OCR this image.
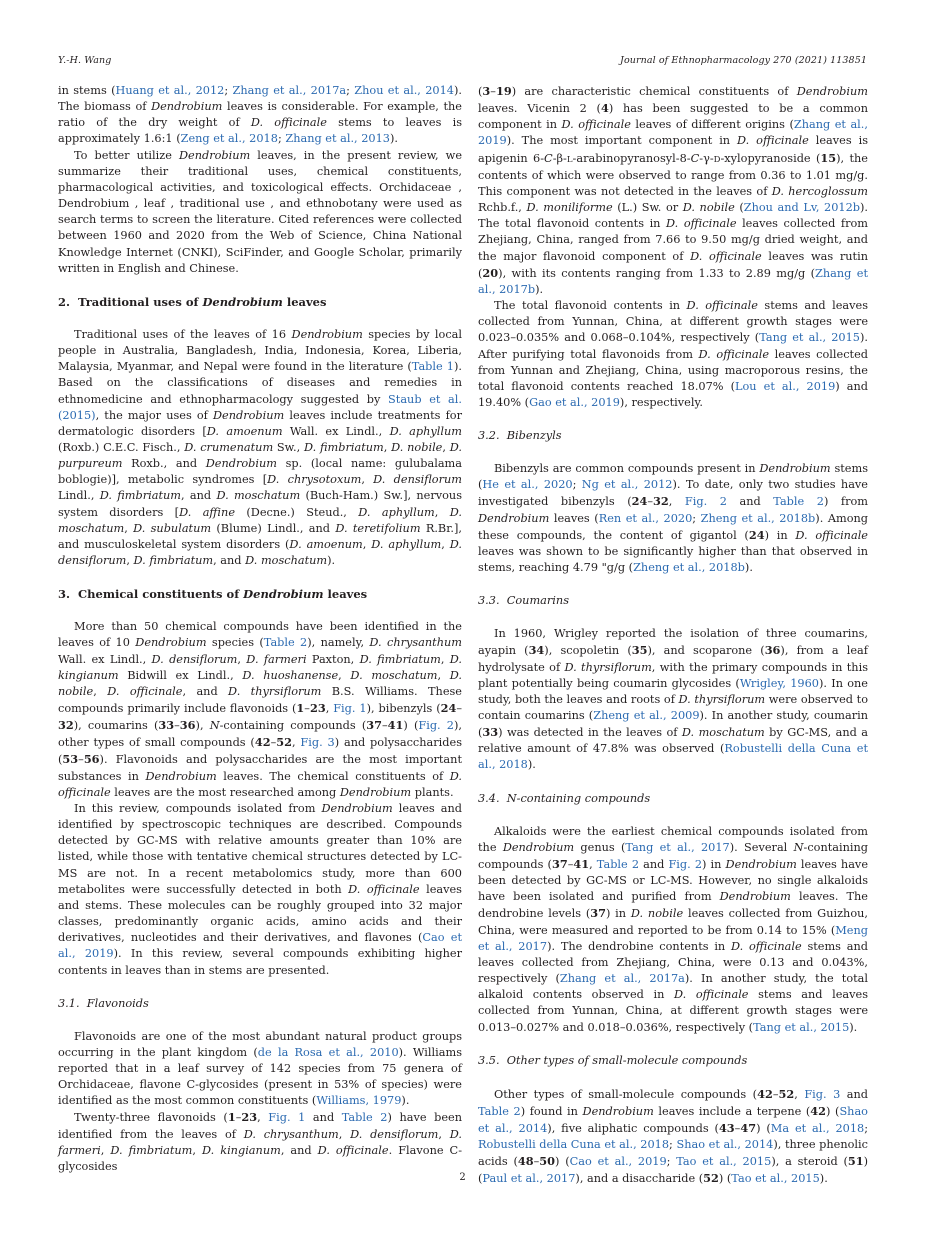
Y.-H. Wang	Journal of Ethnopharmacology 270 (2021) 113851

in stems (Huang et al., 2012; Zhang et al., 2017a; Zhou et al., 2014). The biomass of Dendrobium leaves is considerable. For example, the ratio of the dry weight of D. officinale stems to leaves is approximately 1.6:1 (Zeng et al., 2018; Zhang et al., 2013).

To better utilize Dendrobium leaves, in the present review, we summarize their traditional uses, chemical constituents, pharmacological activities, and toxicological effects. Orchidaceae , Dendrobium , leaf , traditional use , and ethnobotany were used as search terms to screen the literature. Cited references were collected between 1960 and 2020 from the Web of Science, China National Knowledge Internet (CNKI), SciFinder, and Google Scholar, primarily written in English and Chinese.

2.  Traditional uses of Dendrobium leaves

Traditional uses of the leaves of 16 Dendrobium species by local people in Australia, Bangladesh, India, Indonesia, Korea, Liberia, Malaysia, Myanmar, and Nepal were found in the literature (Table 1). Based on the classifications of diseases and remedies in ethnomedicine and ethnopharmacology suggested by Staub et al. (2015), the major uses of Dendrobium leaves include treatments for dermatologic disorders [D. amoenum Wall. ex Lindl., D. aphyllum (Roxb.) C.E.C. Fisch., D. crumenatum Sw., D. fimbriatum, D. nobile, D. purpureum Roxb., and Dendrobium sp. (local name: gulubalama boblogie)], metabolic syndromes [D. chrysotoxum, D. densiflorum Lindl., D. fimbriatum, and D. moschatum (Buch-Ham.) Sw.], nervous system disorders [D. affine (Decne.) Steud., D. aphyllum, D. moschatum, D. subulatum (Blume) Lindl., and D. teretifolium R.Br.], and musculoskeletal system disorders (D. amoenum, D. aphyllum, D. densiflorum, D. fimbriatum, and D. moschatum).

3.  Chemical constituents of Dendrobium leaves

More than 50 chemical compounds have been identified in the leaves of 10 Dendrobium species (Table 2), namely, D. chrysanthum Wall. ex Lindl., D. densiflorum, D. farmeri Paxton, D. fimbriatum, D. kingianum Bidwill ex Lindl., D. huoshanense, D. moschatum, D. nobile, D. officinale, and D. thyrsiflorum B.S. Williams. These compounds primarily include flavonoids (1–23, Fig. 1), bibenzyls (24–32), coumarins (33–36), N-containing compounds (37–41) (Fig. 2), other types of small compounds (42–52, Fig. 3) and polysaccharides (53–56). Flavonoids and polysaccharides are the most important substances in Dendrobium leaves. The chemical constituents of D. officinale leaves are the most researched among Dendrobium plants.

In this review, compounds isolated from Dendrobium leaves and identified by spectroscopic techniques are described. Compounds detected by GC-MS with relative amounts greater than 10% are listed, while those with tentative chemical structures detected by LC-MS are not. In a recent metabolomics study, more than 600 metabolites were successfully detected in both D. officinale leaves and stems. These molecules can be roughly grouped into 32 major classes, predominantly organic acids, amino acids and their derivatives, nucleotides and their derivatives, and flavones (Cao et al., 2019). In this review, several compounds exhibiting higher contents in leaves than in stems are presented.

3.1.  Flavonoids

Flavonoids are one of the most abundant natural product groups occurring in the plant kingdom (de la Rosa et al., 2010). Williams reported that in a leaf survey of 142 species from 75 genera of Orchidaceae, flavone C-glycosides (present in 53% of species) were identified as the most common constituents (Williams, 1979).

Twenty-three flavonoids (1–23, Fig. 1 and Table 2) have been identified from the leaves of D. chrysanthum, D. densiflorum, D. farmeri, D. fimbriatum, D. kingianum, and D. officinale. Flavone C-glycosides

(3–19) are characteristic chemical constituents of Dendrobium leaves. Vicenin 2 (4) has been suggested to be a common component in D. officinale leaves of different origins (Zhang et al., 2019). The most important component in D. officinale leaves is apigenin 6-C-β-L-arabinopyranosyl-8-C-γ-D-xylopyranoside (15), the contents of which were observed to range from 0.36 to 1.01 mg/g. This component was not detected in the leaves of D. hercoglossum Rchb.f., D. moniliforme (L.) Sw. or D. nobile (Zhou and Lv, 2012b). The total flavonoid contents in D. officinale leaves collected from Zhejiang, China, ranged from 7.66 to 9.50 mg/g dried weight, and the major flavonoid component of D. officinale leaves was rutin (20), with its contents ranging from 1.33 to 2.89 mg/g (Zhang et al., 2017b).

The total flavonoid contents in D. officinale stems and leaves collected from Yunnan, China, at different growth stages were 0.023–0.035% and 0.068–0.104%, respectively (Tang et al., 2015). After purifying total flavonoids from D. officinale leaves collected from Yunnan and Zhejiang, China, using macroporous resins, the total flavonoid contents reached 18.07% (Lou et al., 2019) and 19.40% (Gao et al., 2019), respectively.

3.2.  Bibenzyls

Bibenzyls are common compounds present in Dendrobium stems (He et al., 2020; Ng et al., 2012). To date, only two studies have investigated bibenzyls (24–32, Fig. 2 and Table 2) from Dendrobium leaves (Ren et al., 2020; Zheng et al., 2018b). Among these compounds, the content of gigantol (24) in D. officinale leaves was shown to be significantly higher than that observed in stems, reaching 4.79 "g/g (Zheng et al., 2018b).

3.3.  Coumarins

In 1960, Wrigley reported the isolation of three coumarins, ayapin (34), scopoletin (35), and scoparone (36), from a leaf hydrolysate of D. thyrsiflorum, with the primary compounds in this plant potentially being coumarin glycosides (Wrigley, 1960). In one study, both the leaves and roots of D. thyrsiflorum were observed to contain coumarins (Zheng et al., 2009). In another study, coumarin (33) was detected in the leaves of D. moschatum by GC-MS, and a relative amount of 47.8% was observed (Robustelli della Cuna et al., 2018).

3.4.  N-containing compounds

Alkaloids were the earliest chemical compounds isolated from the Dendrobium genus (Tang et al., 2017). Several N-containing compounds (37–41, Table 2 and Fig. 2) in Dendrobium leaves have been detected by GC-MS or LC-MS. However, no single alkaloids have been isolated and purified from Dendrobium leaves. The dendrobine levels (37) in D. nobile leaves collected from Guizhou, China, were measured and reported to be from 0.14 to 15% (Meng et al., 2017). The dendrobine contents in D. officinale stems and leaves collected from Zhejiang, China, were 0.13 and 0.043%, respectively (Zhang et al., 2017a). In another study, the total alkaloid contents observed in D. officinale stems and leaves collected from Yunnan, China, at different growth stages were 0.013–0.027% and 0.018–0.036%, respectively (Tang et al., 2015).

3.5.  Other types of small-molecule compounds

Other types of small-molecule compounds (42–52, Fig. 3 and Table 2) found in Dendrobium leaves include a terpene (42) (Shao et al., 2014), five aliphatic compounds (43–47) (Ma et al., 2018; Robustelli della Cuna et al., 2018; Shao et al., 2014), three phenolic acids (48–50) (Cao et al., 2019; Tao et al., 2015), a steroid (51) (Paul et al., 2017), and a disaccharide (52) (Tao et al., 2015).

2
